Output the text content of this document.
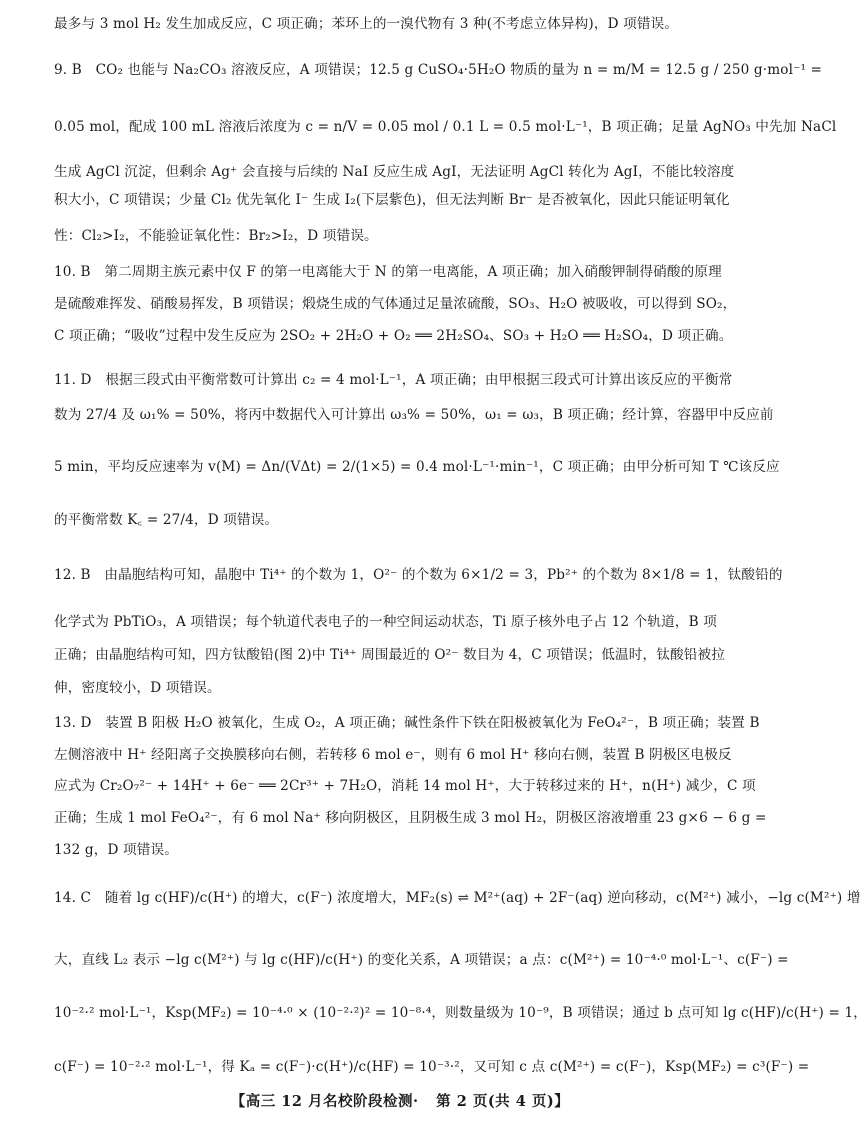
最多与 3 mol H₂ 发生加成反应，C 项正确；苯环上的一溴代物有 3 种(不考虑立体异构)，D 项错误。
9. B　CO₂ 也能与 Na₂CO₃ 溶液反应，A 项错误；12.5 g CuSO₄·5H₂O 物质的量为 n = m/M = 12.5 g / 250 g·mol⁻¹ =
0.05 mol，配成 100 mL 溶液后浓度为 c = n/V = 0.05 mol / 0.1 L = 0.5 mol·L⁻¹，B 项正确；足量 AgNO₃ 中先加 NaCl
生成 AgCl 沉淀，但剩余 Ag⁺ 会直接与后续的 NaI 反应生成 AgI，无法证明 AgCl 转化为 AgI，不能比较溶度
积大小，C 项错误；少量 Cl₂ 优先氧化 I⁻ 生成 I₂(下层紫色)，但无法判断 Br⁻ 是否被氧化，因此只能证明氧化
性：Cl₂>I₂，不能验证氧化性：Br₂>I₂，D 项错误。
10. B　第二周期主族元素中仅 F 的第一电离能大于 N 的第一电离能，A 项正确；加入硝酸钾制得硝酸的原理
是硫酸难挥发、硝酸易挥发，B 项错误；煅烧生成的气体通过足量浓硫酸，SO₃、H₂O 被吸收，可以得到 SO₂，
C 项正确；“吸收”过程中发生反应为 2SO₂ + 2H₂O + O₂ ══ 2H₂SO₄、SO₃ + H₂O ══ H₂SO₄，D 项正确。
11. D　根据三段式由平衡常数可计算出 c₂ = 4 mol·L⁻¹，A 项正确；由甲根据三段式可计算出该反应的平衡常
数为 27/4 及 ω₁% = 50%，将丙中数据代入可计算出 ω₃% = 50%，ω₁ = ω₃，B 项正确；经计算，容器甲中反应前
5 min，平均反应速率为 v(M) = Δn/(VΔt) = 2/(1×5) = 0.4 mol·L⁻¹·min⁻¹，C 项正确；由甲分析可知 T ℃该反应
的平衡常数 K꜀ = 27/4，D 项错误。
12. B　由晶胞结构可知，晶胞中 Ti⁴⁺ 的个数为 1，O²⁻ 的个数为 6×1/2 = 3，Pb²⁺ 的个数为 8×1/8 = 1，钛酸铅的
化学式为 PbTiO₃，A 项错误；每个轨道代表电子的一种空间运动状态，Ti 原子核外电子占 12 个轨道，B 项
正确；由晶胞结构可知，四方钛酸铅(图 2)中 Ti⁴⁺ 周围最近的 O²⁻ 数目为 4，C 项错误；低温时，钛酸铅被拉
伸，密度较小，D 项错误。
13. D　装置 B 阳极 H₂O 被氧化，生成 O₂，A 项正确；碱性条件下铁在阳极被氧化为 FeO₄²⁻，B 项正确；装置 B
左侧溶液中 H⁺ 经阳离子交换膜移向右侧，若转移 6 mol e⁻，则有 6 mol H⁺ 移向右侧，装置 B 阴极区电极反
应式为 Cr₂O₇²⁻ + 14H⁺ + 6e⁻ ══ 2Cr³⁺ + 7H₂O，消耗 14 mol H⁺，大于转移过来的 H⁺，n(H⁺) 减少，C 项
正确；生成 1 mol FeO₄²⁻，有 6 mol Na⁺ 移向阴极区，且阴极生成 3 mol H₂，阴极区溶液增重 23 g×6 − 6 g =
132 g，D 项错误。
14. C　随着 lg c(HF)/c(H⁺) 的增大，c(F⁻) 浓度增大，MF₂(s) ⇌ M²⁺(aq) + 2F⁻(aq) 逆向移动，c(M²⁺) 减小，−lg c(M²⁺) 增
大，直线 L₂ 表示 −lg c(M²⁺) 与 lg c(HF)/c(H⁺) 的变化关系，A 项错误；a 点：c(M²⁺) = 10⁻⁴·⁰ mol·L⁻¹、c(F⁻) =
10⁻²·² mol·L⁻¹，Ksp(MF₂) = 10⁻⁴·⁰ × (10⁻²·²)² = 10⁻⁸·⁴，则数量级为 10⁻⁹，B 项错误；通过 b 点可知 lg c(HF)/c(H⁺) = 1，
c(F⁻) = 10⁻²·² mol·L⁻¹，得 Kₐ = c(F⁻)·c(H⁺)/c(HF) = 10⁻³·²，又可知 c 点 c(M²⁺) = c(F⁻)，Ksp(MF₂) = c³(F⁻) =
【高三 12 月名校阶段检测· 第 2 页(共 4 页)】
